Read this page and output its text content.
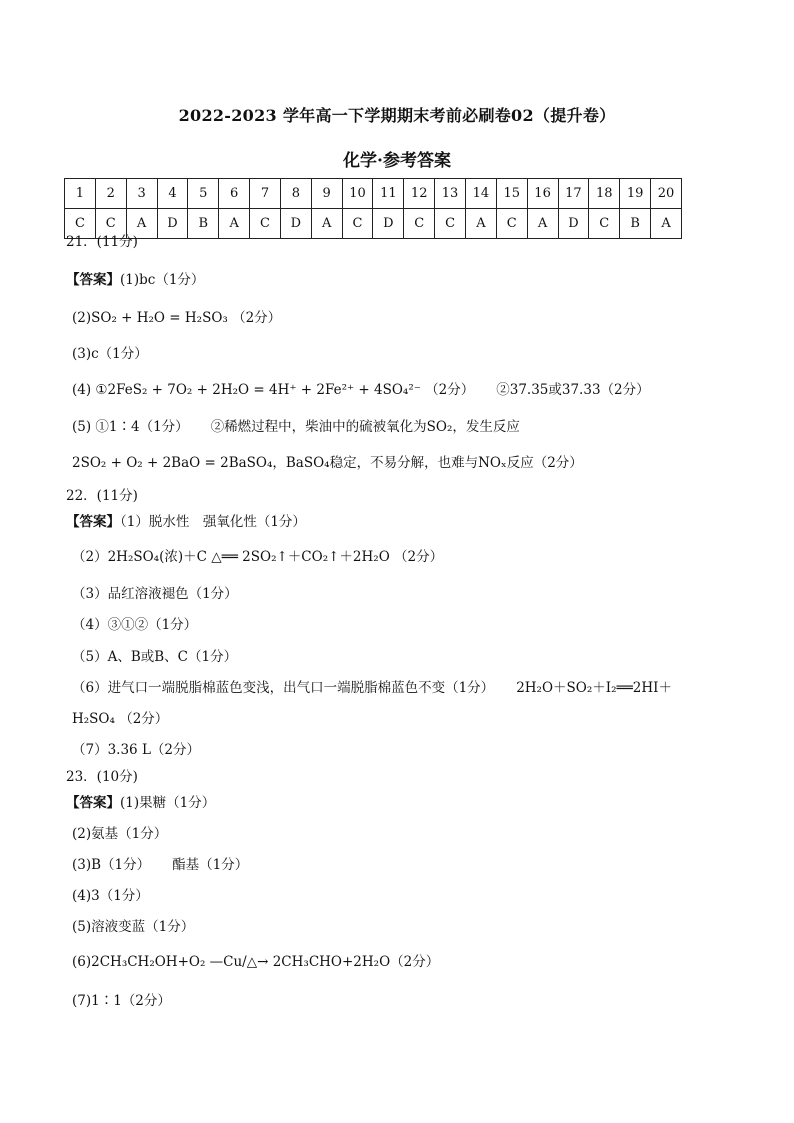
2022-2023 学年高一下学期期末考前必刷卷02（提升卷）
化学·参考答案
1	2	3	4	5	6	7	8	9	10	11	12	13	14	15	16	17	18	19	20
C	C	A	D	B	A	C	D	A	C	D	C	C	A	C	A	D	C	B	A
21．(11分)
【答案】(1)bc（1分）
(2)SO₂ + H₂O = H₂SO₃ （2分）
(3)c（1分）
(4) ①2FeS₂ + 7O₂ + 2H₂O = 4H⁺ + 2Fe²⁺ + 4SO₄²⁻ （2分） ②37.35或37.33（2分）
(5) ①1∶4（1分） ②稀燃过程中，柴油中的硫被氧化为SO₂，发生反应
2SO₂ + O₂ + 2BaO = 2BaSO₄，BaSO₄稳定，不易分解，也难与NOₓ反应（2分）
22．(11分)
【答案】（1）脱水性　强氧化性（1分）
（2）2H₂SO₄(浓)＋C △══ 2SO₂↑＋CO₂↑＋2H₂O （2分）
（3）品红溶液褪色（1分）
（4）③①②（1分）
（5）A、B或B、C（1分）
（6）进气口一端脱脂棉蓝色变浅，出气口一端脱脂棉蓝色不变（1分） 2H₂O＋SO₂＋I₂══2HI＋
H₂SO₄ （2分）
（7）3.36 L（2分）
23．(10分)
【答案】(1)果糖（1分）
(2)氨基（1分）
(3)B（1分） 酯基（1分）
(4)3（1分）
(5)溶液变蓝（1分）
(6)2CH₃CH₂OH+O₂ —Cu/△→ 2CH₃CHO+2H₂O（2分）
(7)1∶1（2分）
